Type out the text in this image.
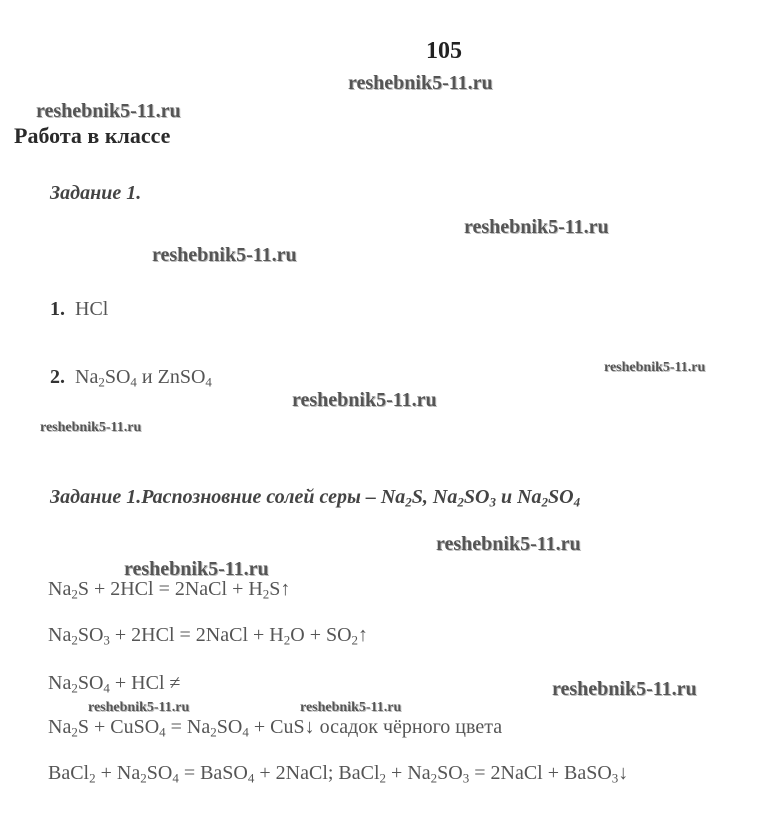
105
reshebnik5-11.ru
reshebnik5-11.ru
Работа в классе
Задание 1.
reshebnik5-11.ru
reshebnik5-11.ru
1. HCl
reshebnik5-11.ru
2. $Na_2SO_4$ и ZnSO$_4$
reshebnik5-11.ru
reshebnik5-11.ru
Задание 1.Распозновние солей серы – $Na_2S$, $Na_2SO_3$ и $Na_2SO_4$
reshebnik5-11.ru
reshebnik5-11.ru
$Na_2S + 2HCl$ = 2NaCl + $H_2S↑$
$Na_2SO_3 + 2HCl$ = 2NaCl + $H_2O$ + $SO_2↑$
$Na_2SO_4$ + HCl ≠	reshebnik5-11.ru
reshebnik5-11.ru	reshebnik5-11.ru
$Na_2S$ + CuSO$_4$ = $Na_2SO_4$ + CuS↓ осадок чёрного цвета
BaCl$_2$ + $Na_2SO_4$ = BaSO$_4$ + 2NaCl; BaCl$_2$ + $Na_2SO_3$ = 2NaCl + BaSO$_3$↓
